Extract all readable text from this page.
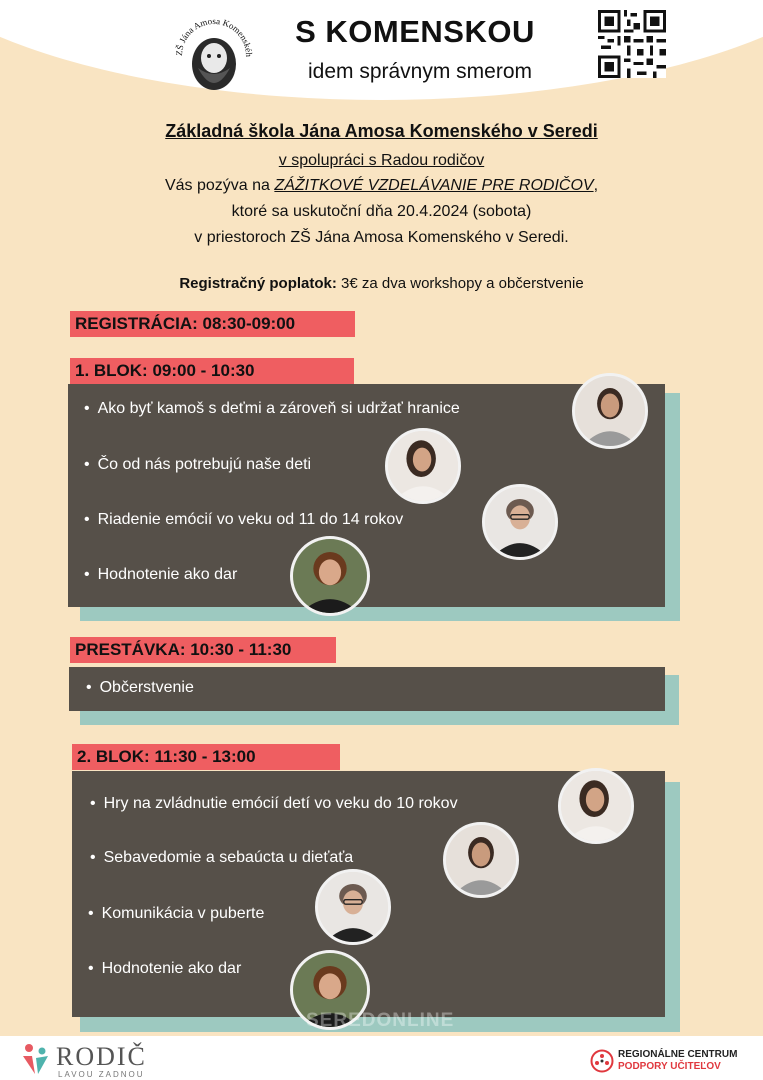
ZŠ Jána Amosa Komenskéh
S KOMENSKOU
idem správnym smerom
Základná škola Jána Amosa Komenského v Seredi
v spolupráci s Radou rodičov
Vás pozýva na ZÁŽITKOVÉ VZDELÁVANIE PRE RODIČOV,
ktoré sa uskutoční dňa 20.4.2024 (sobota)
v priestoroch ZŠ Jána Amosa Komenského v Seredi.
Registračný poplatok: 3€ za dva workshopy a občerstvenie
REGISTRÁCIA: 08:30-09:00
1. BLOK: 09:00 - 10:30
• Ako byť kamoš s deťmi a zároveň si udržať hranice
• Čo od nás potrebujú naše deti
• Riadenie emócií vo veku od 11 do 14 rokov
• Hodnotenie ako dar
PRESTÁVKA: 10:30 - 11:30
• Občerstvenie
2. BLOK: 11:30 - 13:00
• Hry na zvládnutie emócií detí vo veku do 10 rokov
• Sebavedomie a sebaúcta u dieťaťa
• Komunikácia v puberte
• Hodnotenie ako dar
SEREDONLINE
RODIČ
LAVOU ZADNOU
REGIONÁLNE CENTRUM
PODPORY UČITEĽOV
